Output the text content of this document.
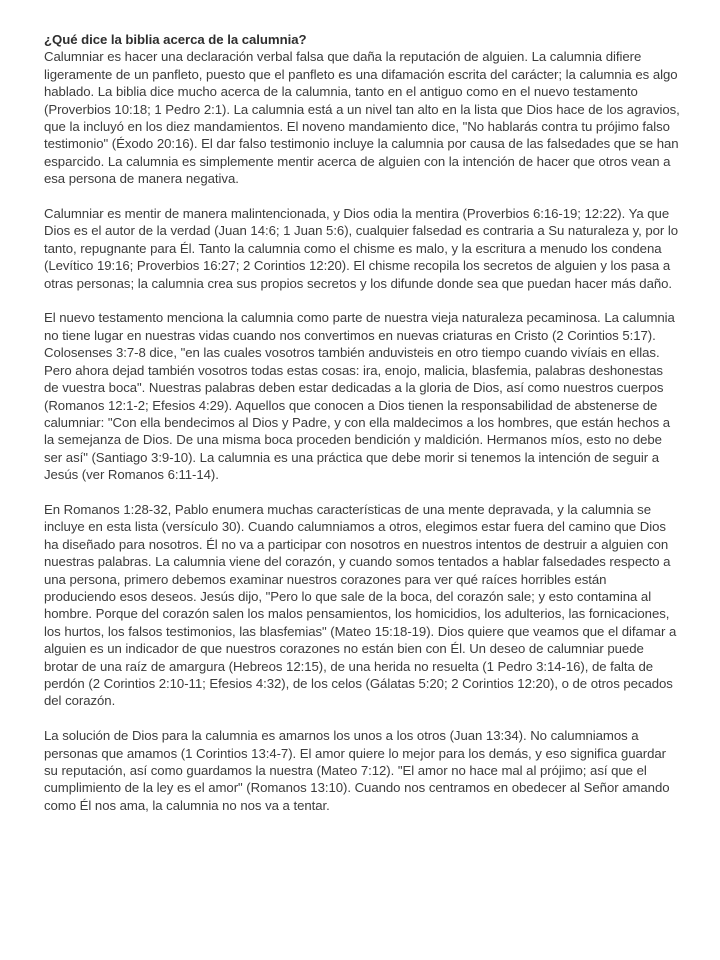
¿Qué dice la biblia acerca de la calumnia?

Calumniar es hacer una declaración verbal falsa que daña la reputación de alguien. La calumnia difiere ligeramente de un panfleto, puesto que el panfleto es una difamación escrita del carácter; la calumnia es algo hablado. La biblia dice mucho acerca de la calumnia, tanto en el antiguo como en el nuevo testamento (Proverbios 10:18; 1 Pedro 2:1). La calumnia está a un nivel tan alto en la lista que Dios hace de los agravios, que la incluyó en los diez mandamientos. El noveno mandamiento dice, "No hablarás contra tu prójimo falso testimonio" (Éxodo 20:16). El dar falso testimonio incluye la calumnia por causa de las falsedades que se han esparcido. La calumnia es simplemente mentir acerca de alguien con la intención de hacer que otros vean a esa persona de manera negativa.

Calumniar es mentir de manera malintencionada, y Dios odia la mentira (Proverbios 6:16-19; 12:22). Ya que Dios es el autor de la verdad (Juan 14:6; 1 Juan 5:6), cualquier falsedad es contraria a Su naturaleza y, por lo tanto, repugnante para Él. Tanto la calumnia como el chisme es malo, y la escritura a menudo los condena (Levítico 19:16; Proverbios 16:27; 2 Corintios 12:20). El chisme recopila los secretos de alguien y los pasa a otras personas; la calumnia crea sus propios secretos y los difunde donde sea que puedan hacer más daño.

El nuevo testamento menciona la calumnia como parte de nuestra vieja naturaleza pecaminosa. La calumnia no tiene lugar en nuestras vidas cuando nos convertimos en nuevas criaturas en Cristo (2 Corintios 5:17). Colosenses 3:7-8 dice, "en las cuales vosotros también anduvisteis en otro tiempo cuando vivíais en ellas. Pero ahora dejad también vosotros todas estas cosas: ira, enojo, malicia, blasfemia, palabras deshonestas de vuestra boca". Nuestras palabras deben estar dedicadas a la gloria de Dios, así como nuestros cuerpos (Romanos 12:1-2; Efesios 4:29). Aquellos que conocen a Dios tienen la responsabilidad de abstenerse de calumniar: "Con ella bendecimos al Dios y Padre, y con ella maldecimos a los hombres, que están hechos a la semejanza de Dios. De una misma boca proceden bendición y maldición. Hermanos míos, esto no debe ser así" (Santiago 3:9-10). La calumnia es una práctica que debe morir si tenemos la intención de seguir a Jesús (ver Romanos 6:11-14).

En Romanos 1:28-32, Pablo enumera muchas características de una mente depravada, y la calumnia se incluye en esta lista (versículo 30). Cuando calumniamos a otros, elegimos estar fuera del camino que Dios ha diseñado para nosotros. Él no va a participar con nosotros en nuestros intentos de destruir a alguien con nuestras palabras. La calumnia viene del corazón, y cuando somos tentados a hablar falsedades respecto a una persona, primero debemos examinar nuestros corazones para ver qué raíces horribles están produciendo esos deseos. Jesús dijo, "Pero lo que sale de la boca, del corazón sale; y esto contamina al hombre. Porque del corazón salen los malos pensamientos, los homicidios, los adulterios, las fornicaciones, los hurtos, los falsos testimonios, las blasfemias" (Mateo 15:18-19). Dios quiere que veamos que el difamar a alguien es un indicador de que nuestros corazones no están bien con Él. Un deseo de calumniar puede brotar de una raíz de amargura (Hebreos 12:15), de una herida no resuelta (1 Pedro 3:14-16), de falta de perdón (2 Corintios 2:10-11; Efesios 4:32), de los celos (Gálatas 5:20; 2 Corintios 12:20), o de otros pecados del corazón.

La solución de Dios para la calumnia es amarnos los unos a los otros (Juan 13:34). No calumniamos a personas que amamos (1 Corintios 13:4-7). El amor quiere lo mejor para los demás, y eso significa guardar su reputación, así como guardamos la nuestra (Mateo 7:12). "El amor no hace mal al prójimo; así que el cumplimiento de la ley es el amor" (Romanos 13:10). Cuando nos centramos en obedecer al Señor amando como Él nos ama, la calumnia no nos va a tentar.
